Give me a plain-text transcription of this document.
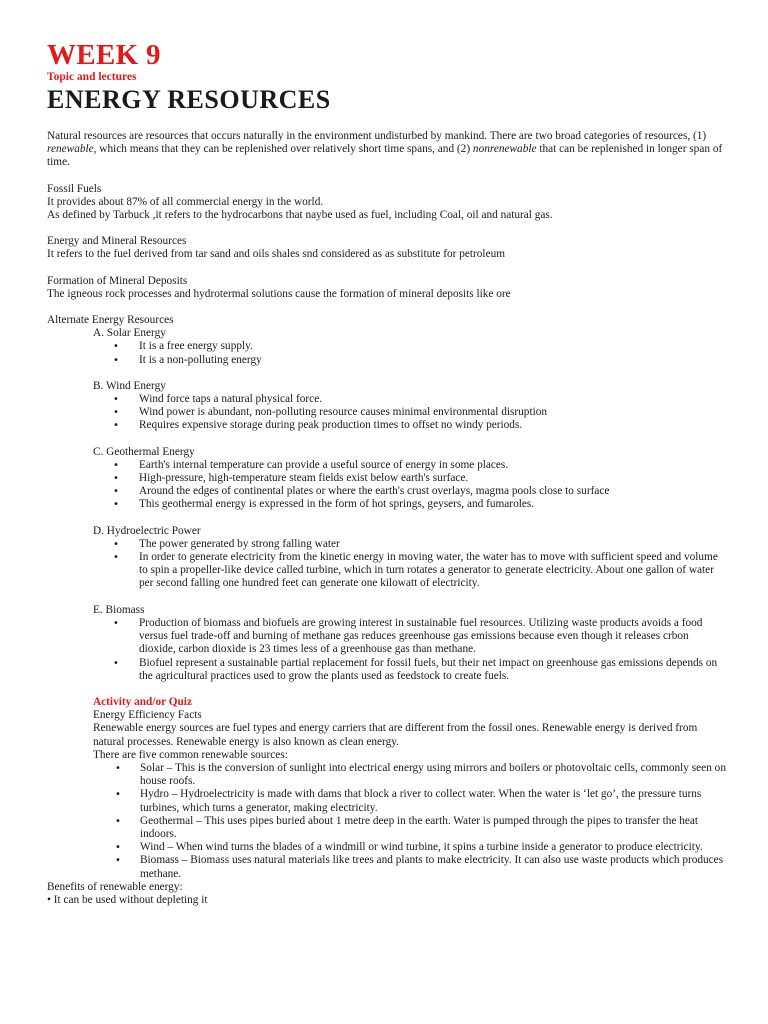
WEEK 9

Topic and lectures

ENERGY RESOURCES

Natural resources are resources that occurs naturally in the environment undisturbed by mankind. There are two broad categories of resources, (1) renewable, which means that they can be replenished over relatively short time spans, and (2) nonrenewable that can be replenished in longer span of time.

Fossil Fuels

It provides about 87% of all commercial energy in the world.

As defined by Tarbuck ,it refers to the hydrocarbons that naybe used as fuel, including Coal, oil and natural gas.

Energy and Mineral Resources

It refers to the fuel derived from tar sand and oils shales snd considered as as substitute for petroleum

Formation of Mineral Deposits

The igneous rock processes and hydrotermal solutions cause the formation of mineral deposits like ore

Alternate Energy Resources

A. Solar Energy

• It is a free energy supply.
• It is a non-polluting energy

B. Wind Energy

• Wind force taps a natural physical force.
• Wind power is abundant, non-polluting resource causes minimal environmental disruption
• Requires expensive storage during peak production times to offset no windy periods.

C. Geothermal Energy

• Earth's internal temperature can provide a useful source of energy in some places.
• High-pressure, high-temperature steam fields exist below earth's surface.
• Around the edges of continental plates or where the earth's crust overlays, magma pools close to surface
• This geothermal energy is expressed in the form of hot springs, geysers, and fumaroles.

D. Hydroelectric Power

• The power generated by strong falling water
• In order to generate electricity from the kinetic energy in moving water, the water has to move with sufficient speed and volume to spin a propeller-like device called turbine, which in turn rotates a generator to generate electricity. About one gallon of water per second falling one hundred feet can generate one kilowatt of electricity.

E. Biomass

• Production of biomass and biofuels are growing interest in sustainable fuel resources. Utilizing waste products avoids a food versus fuel trade-off and burning of methane gas reduces greenhouse gas emissions because even though it releases crbon dioxide, carbon dioxide is 23 times less of a greenhouse gas than methane.
• Biofuel represent a sustainable partial replacement for fossil fuels, but their net impact on greenhouse gas emissions depends on the agricultural practices used to grow the plants used as feedstock to create fuels.

Activity and/or Quiz

Energy Efficiency Facts

Renewable energy sources are fuel types and energy carriers that are different from the fossil ones. Renewable energy is derived from natural processes. Renewable energy is also known as clean energy.

There are five common renewable sources:

• Solar – This is the conversion of sunlight into electrical energy using mirrors and boilers or photovoltaic cells, commonly seen on house roofs.
• Hydro – Hydroelectricity is made with dams that block a river to collect water. When the water is ‘let go’, the pressure turns turbines, which turns a generator, making electricity.
• Geothermal – This uses pipes buried about 1 metre deep in the earth. Water is pumped through the pipes to transfer the heat indoors.
• Wind – When wind turns the blades of a windmill or wind turbine, it spins a turbine inside a generator to produce electricity.
• Biomass – Biomass uses natural materials like trees and plants to make electricity. It can also use waste products which produces methane.

Benefits of renewable energy:

• It can be used without depleting it
